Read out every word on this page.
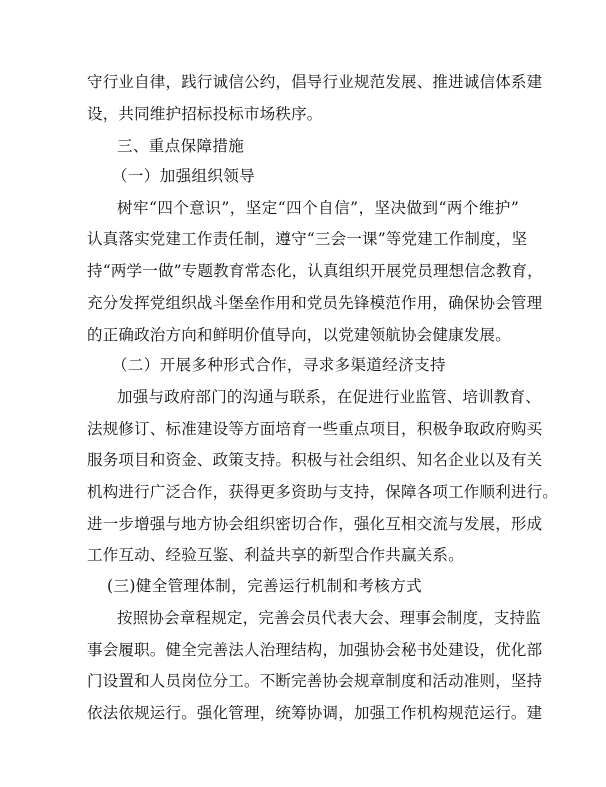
守行业自律，践行诚信公约，倡导行业规范发展、推进诚信体系建
设，共同维护招标投标市场秩序。
三、重点保障措施
（一）加强组织领导
树牢“四个意识”，坚定“四个自信”，坚决做到“两个维护”
认真落实党建工作责任制，遵守“三会一课”等党建工作制度，坚
持“两学一做”专题教育常态化，认真组织开展党员理想信念教育，
充分发挥党组织战斗堡垒作用和党员先锋模范作用，确保协会管理
的正确政治方向和鲜明价值导向，以党建领航协会健康发展。
（二）开展多种形式合作，寻求多渠道经济支持
加强与政府部门的沟通与联系，在促进行业监管、培训教育、
法规修订、标准建设等方面培育一些重点项目，积极争取政府购买
服务项目和资金、政策支持。积极与社会组织、知名企业以及有关
机构进行广泛合作，获得更多资助与支持，保障各项工作顺利进行。
进一步增强与地方协会组织密切合作，强化互相交流与发展，形成
工作互动、经验互鉴、利益共享的新型合作共赢关系。
(三)健全管理体制，完善运行机制和考核方式
按照协会章程规定，完善会员代表大会、理事会制度，支持监
事会履职。健全完善法人治理结构，加强协会秘书处建设，优化部
门设置和人员岗位分工。不断完善协会规章制度和活动准则，坚持
依法依规运行。强化管理，统筹协调，加强工作机构规范运行。建
